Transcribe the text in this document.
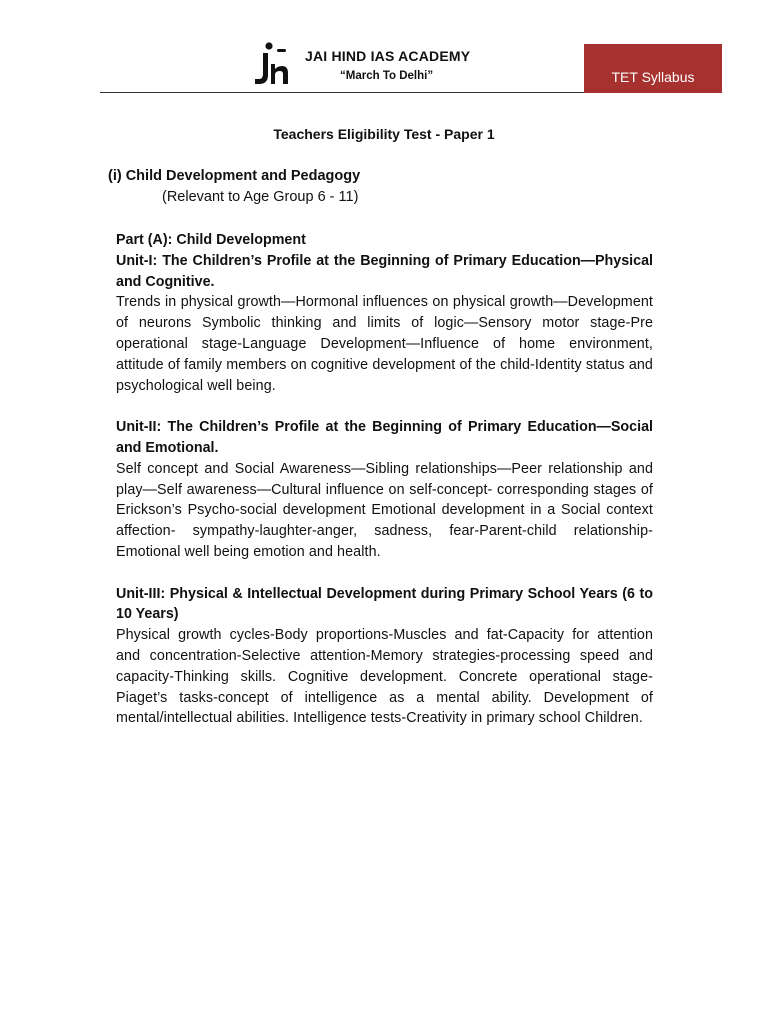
JAI HIND IAS ACADEMY
“March To Delhi”	TET Syllabus
Teachers Eligibility Test - Paper 1
(i) Child Development and Pedagogy
(Relevant to Age Group 6 - 11)

Part (A): Child Development

Unit-I: The Children’s Profile at the Beginning of Primary Education—Physical and Cognitive.

Trends in physical growth—Hormonal influences on physical growth—Development of neurons Symbolic thinking and limits of logic—Sensory motor stage-Pre operational stage-Language Development—Influence of home environment, attitude of family members on cognitive development of the child-Identity status and psychological well being.

Unit-II: The Children’s Profile at the Beginning of Primary Education—Social and Emotional.

Self concept and Social Awareness—Sibling relationships—Peer relationship and play—Self awareness—Cultural influence on self-concept- corresponding stages of Erickson’s Psycho-social development Emotional development in a Social context affection- sympathy-laughter-anger, sadness, fear-Parent-child relationship-Emotional well being emotion and health.

Unit-III: Physical & Intellectual Development during Primary School Years (6 to 10 Years)

Physical growth cycles-Body proportions-Muscles and fat-Capacity for attention and concentration-Selective attention-Memory strategies-processing speed and capacity-Thinking skills. Cognitive development. Concrete operational stage-Piaget’s tasks-concept of intelligence as a mental ability. Development of mental/intellectual abilities. Intelligence tests-Creativity in primary school Children.
